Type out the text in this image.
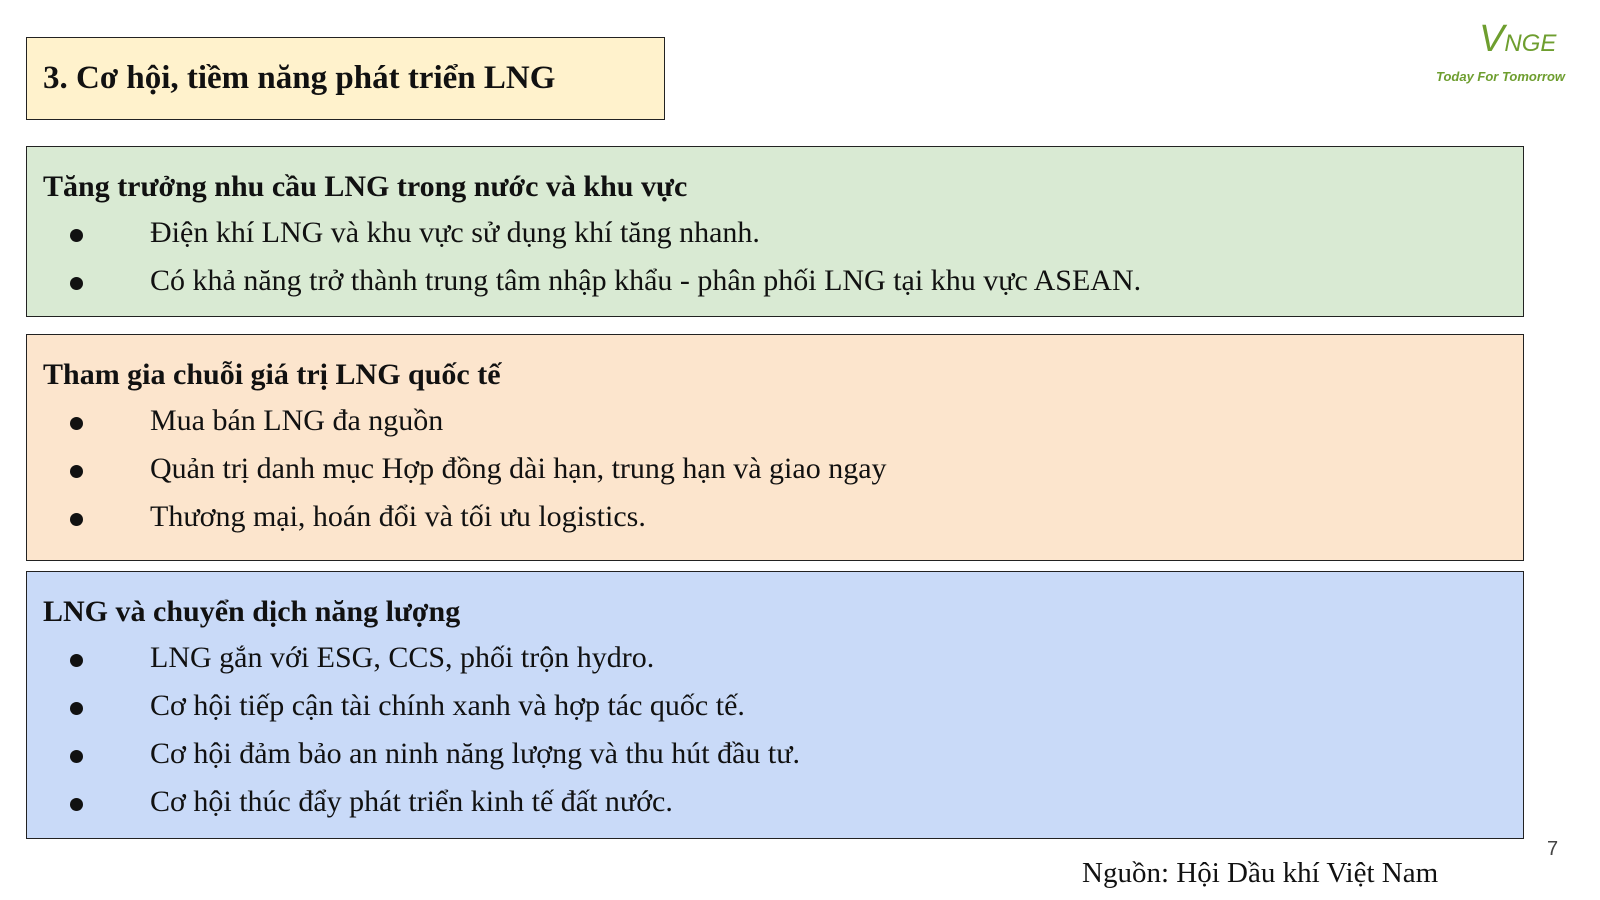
3. Cơ hội, tiềm năng phát triển LNG
VNGE
Today For Tomorrow
Tăng trưởng nhu cầu LNG trong nước và khu vực
Điện khí LNG và khu vực sử dụng khí tăng nhanh.
Có khả năng trở thành trung tâm nhập khẩu - phân phối LNG tại khu vực ASEAN.
Tham gia chuỗi giá trị LNG quốc tế
Mua bán LNG đa nguồn
Quản trị danh mục Hợp đồng dài hạn, trung hạn và giao ngay
Thương mại, hoán đổi và tối ưu logistics.
LNG và chuyển dịch năng lượng
LNG gắn với ESG, CCS, phối trộn hydro.
Cơ hội tiếp cận tài chính xanh và hợp tác quốc tế.
Cơ hội đảm bảo an ninh năng lượng và thu hút đầu tư.
Cơ hội thúc đẩy phát triển kinh tế đất nước.
7
Nguồn: Hội Dầu khí Việt Nam
